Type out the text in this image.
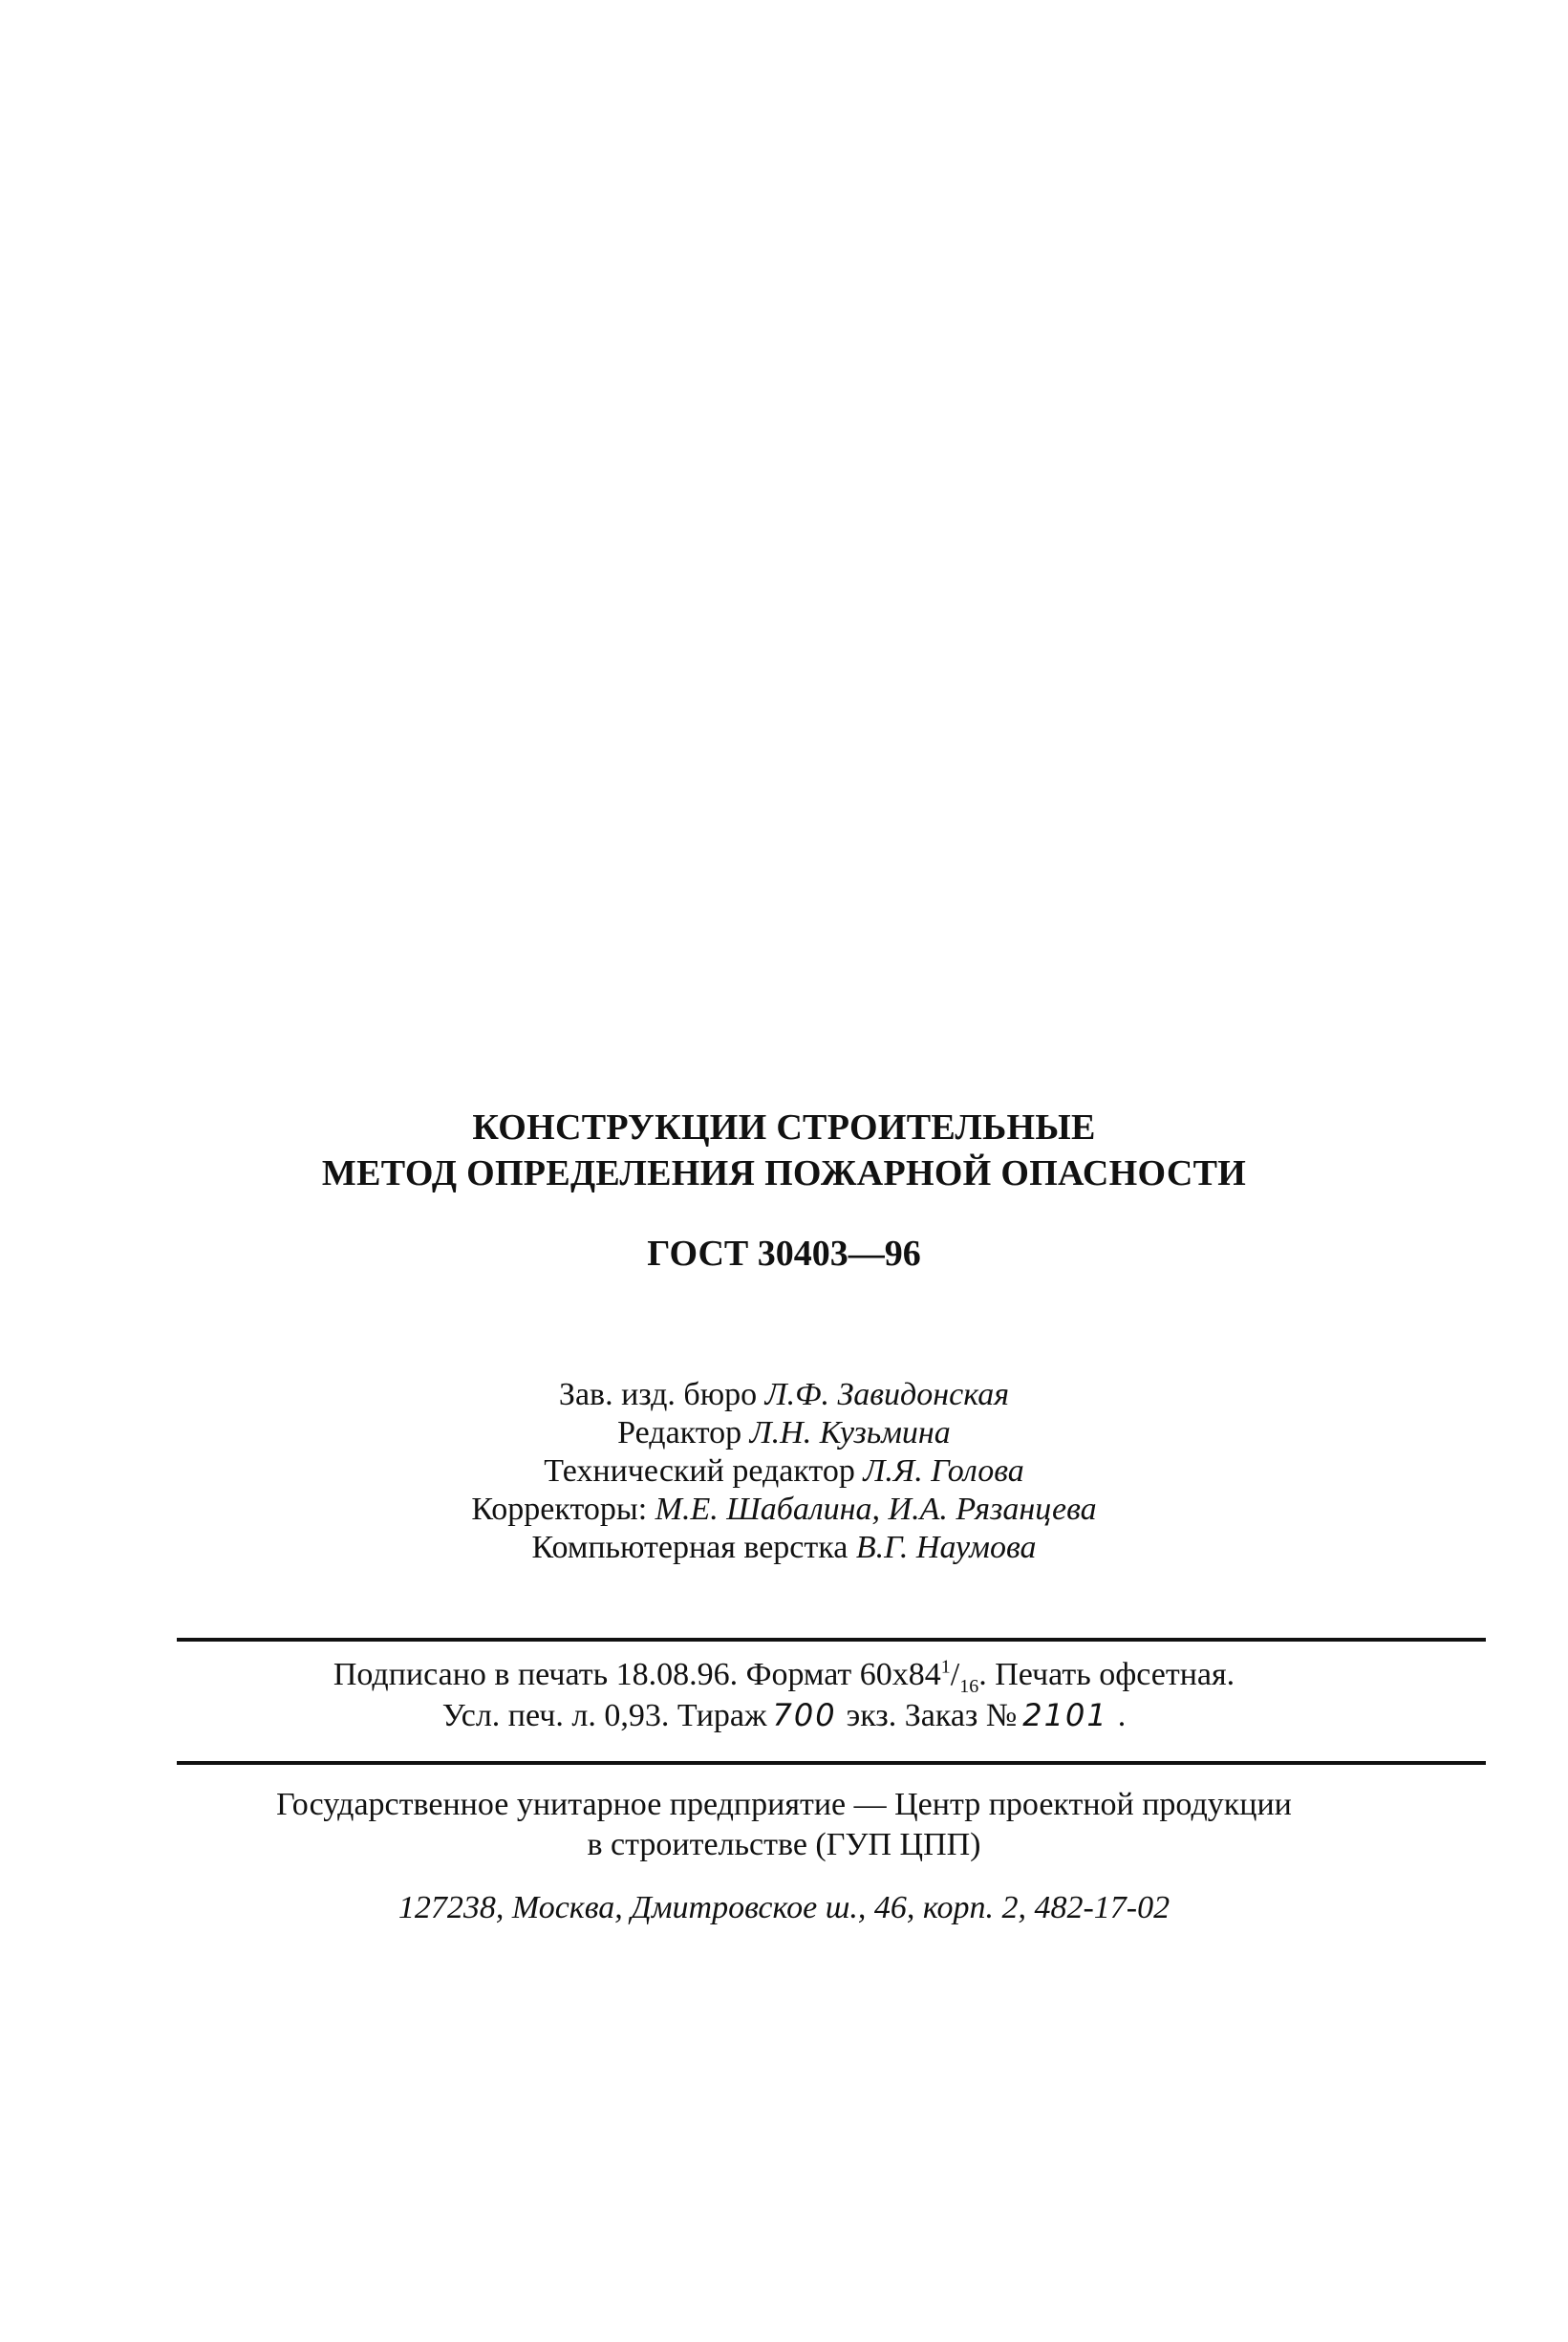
КОНСТРУКЦИИ СТРОИТЕЛЬНЫЕ
МЕТОД ОПРЕДЕЛЕНИЯ ПОЖАРНОЙ ОПАСНОСТИ
ГОСТ 30403—96
Зав. изд. бюро Л.Ф. Завидонская
Редактор Л.Н. Кузьмина
Технический редактор Л.Я. Голова
Корректоры: М.Е. Шабалина, И.А. Рязанцева
Компьютерная верстка В.Г. Наумова
Подписано в печать 18.08.96. Формат $60x84^1/_{16}$. Печать офсетная.
Усл. печ. л. 0,93. Тираж 700 экз. Заказ № 2101 .
Государственное унитарное предприятие — Центр проектной продукции
в строительстве (ГУП ЦПП)
127238, Москва, Дмитровское ш., 46, корп. 2, 482-17-02
